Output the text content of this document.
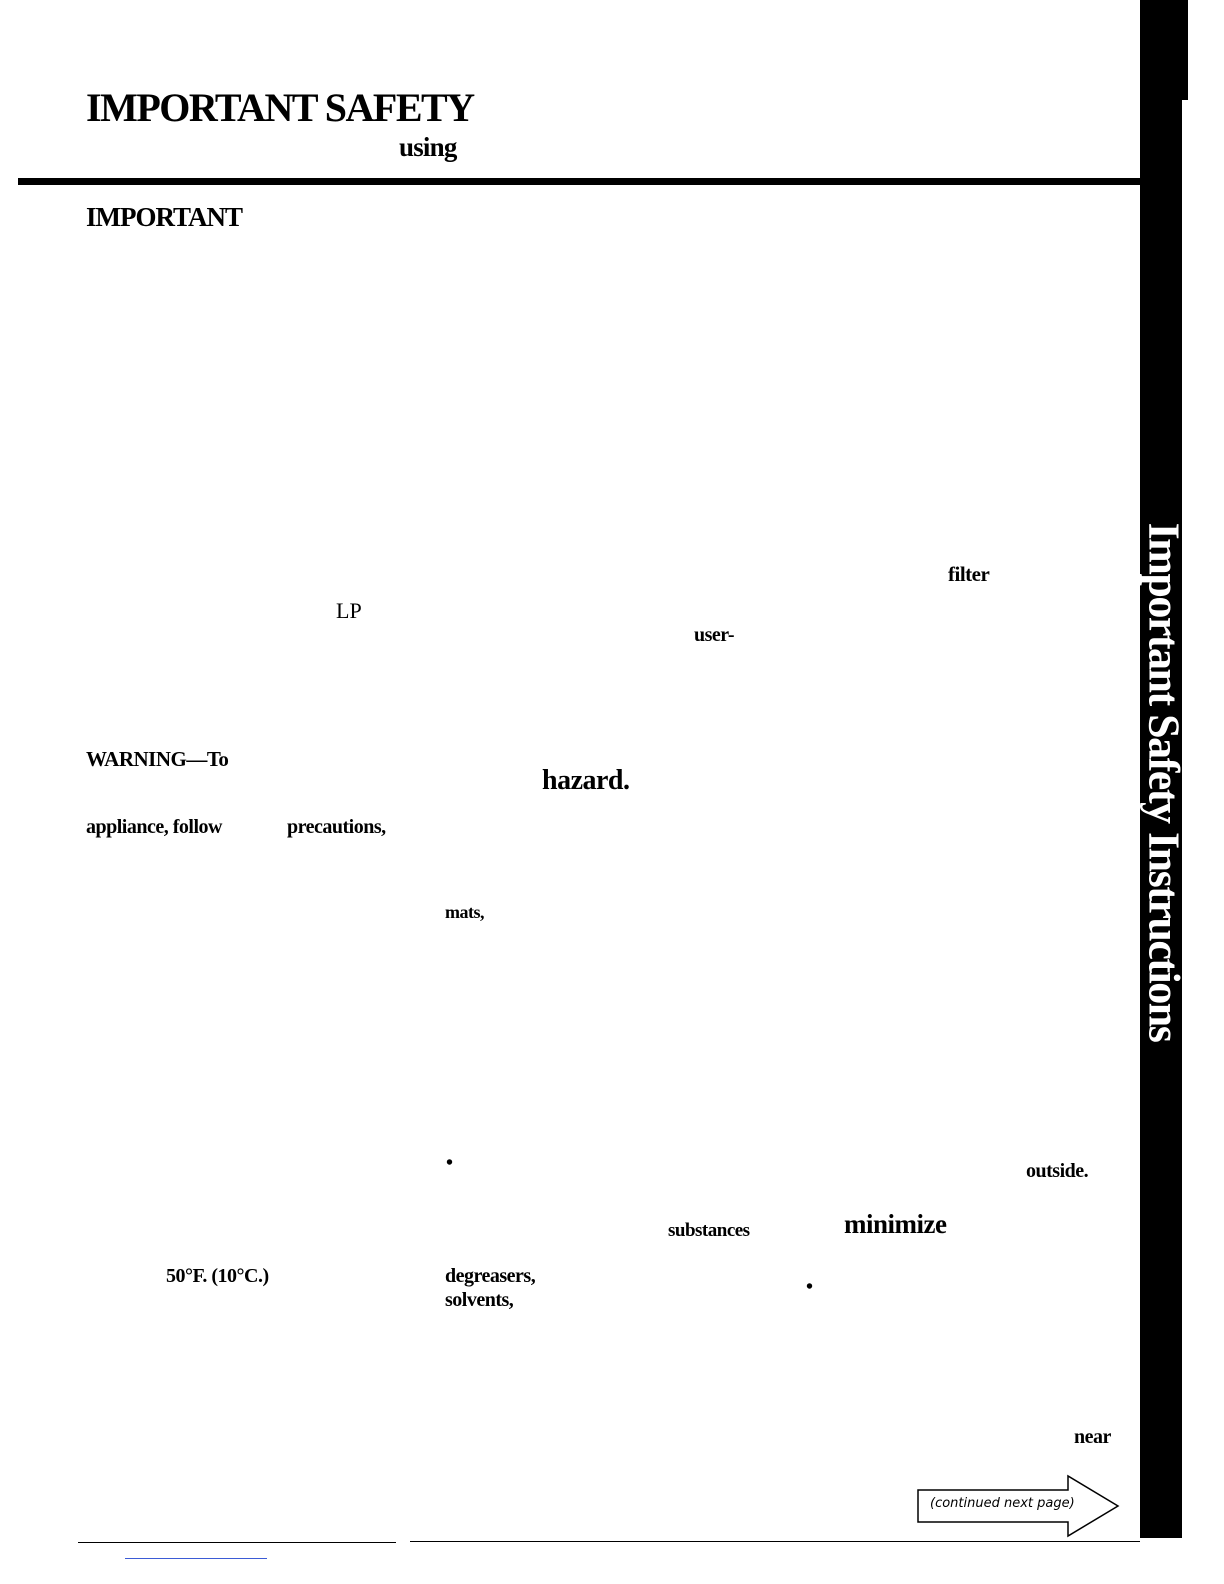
IMPORTANT SAFETY
using
IMPORTANT
Important Safety Instructions
filter
LP
user-
WARNING—To
hazard.
appliance, follow	precautions,
mats,
•	outside.
substances	minimize
50°F. (10°C.)	degreasers,
solvents,
•
near
(continued next page)
